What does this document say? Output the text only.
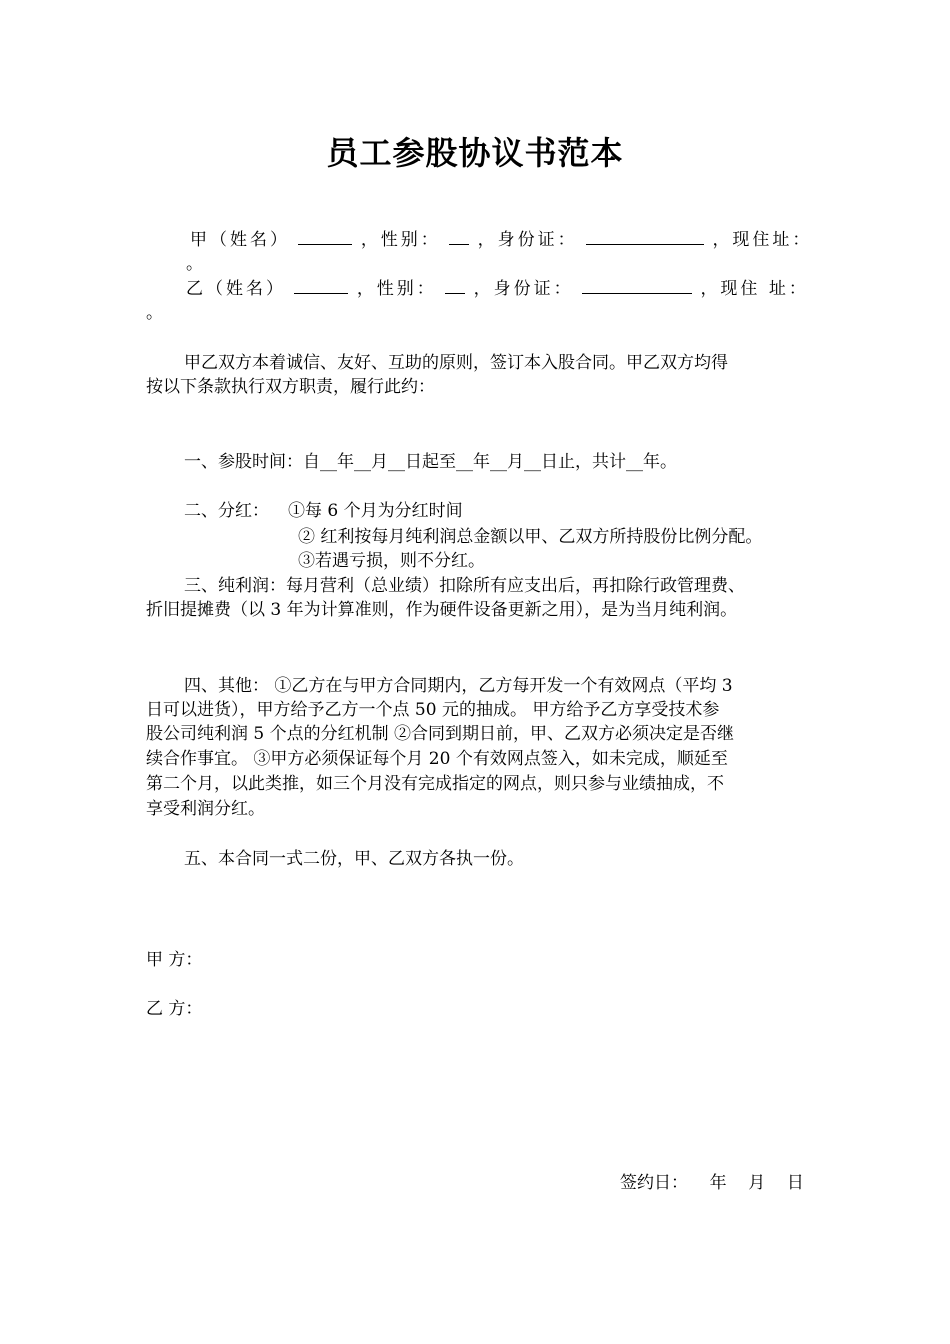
员工参股协议书范本
甲（姓名）	，性别： ，身份证：	，现住址：
。
乙（姓名）	，性别： ，身份证：	，现住 址：
。
甲乙双方本着诚信、友好、互助的原则，签订本入股合同。甲乙双方均得
按以下条款执行双方职责，履行此约：
一、参股时间：自__年__月__日起至__年__月__日止，共计__年。
二、分红： ①每 6 个月为分红时间
② 红利按每月纯利润总金额以甲、乙双方所持股份比例分配。
③若遇亏损，则不分红。
三、纯利润：每月营利（总业绩）扣除所有应支出后，再扣除行政管理费、
折旧提摊费（以 3 年为计算准则，作为硬件设备更新之用），是为当月纯利润。
四、其他： ①乙方在与甲方合同期内，乙方每开发一个有效网点（平均 3
日可以进货），甲方给予乙方一个点 50 元的抽成。 甲方给予乙方享受技术参
股公司纯利润 5 个点的分红机制 ②合同到期日前，甲、乙双方必须决定是否继
续合作事宜。 ③甲方必须保证每个月 20 个有效网点签入，如未完成，顺延至
第二个月，以此类推，如三个月没有完成指定的网点，则只参与业绩抽成，不
享受利润分红。
五、本合同一式二份，甲、乙双方各执一份。
甲 方：
乙 方：
签约日：    年    月    日
